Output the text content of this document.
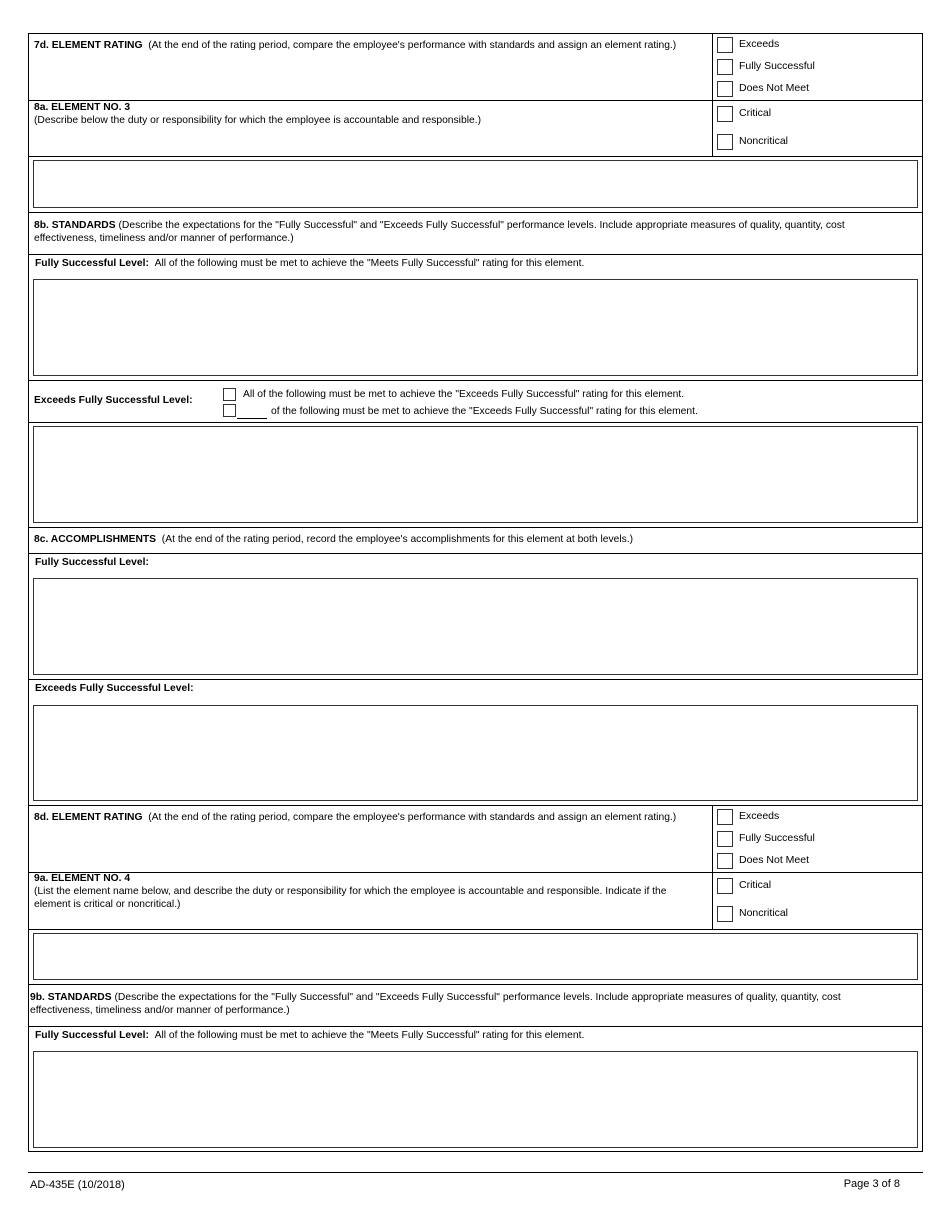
7d. ELEMENT RATING (At the end of the rating period, compare the employee's performance with standards and assign an element rating.)	Exceeds
Fully Successful
Does Not Meet
8a. ELEMENT NO. 3
(Describe below the duty or responsibility for which the employee is accountable and responsible.)
Critical
Noncritical
8b. STANDARDS (Describe the expectations for the "Fully Successful" and "Exceeds Fully Successful" performance levels. Include appropriate measures of quality, quantity, cost effectiveness, timeliness and/or manner of performance.)
Fully Successful Level: All of the following must be met to achieve the "Meets Fully Successful" rating for this element.
Exceeds Fully Successful Level:
All of the following must be met to achieve the "Exceeds Fully Successful" rating for this element.
of the following must be met to achieve the "Exceeds Fully Successful" rating for this element.
8c. ACCOMPLISHMENTS (At the end of the rating period, record the employee's accomplishments for this element at both levels.)
Fully Successful Level:
Exceeds Fully Successful Level:
8d. ELEMENT RATING (At the end of the rating period, compare the employee's performance with standards and assign an element rating.)	Exceeds
Fully Successful
Does Not Meet
9a. ELEMENT NO. 4
(List the element name below, and describe the duty or responsibility for which the employee is accountable and responsible. Indicate if the element is critical or noncritical.)
Critical
Noncritical
9b. STANDARDS (Describe the expectations for the "Fully Successful" and "Exceeds Fully Successful" performance levels. Include appropriate measures of quality, quantity, cost effectiveness, timeliness and/or manner of performance.)
Fully Successful Level: All of the following must be met to achieve the "Meets Fully Successful" rating for this element.
AD-435E (10/2018)	Page 3 of 8
